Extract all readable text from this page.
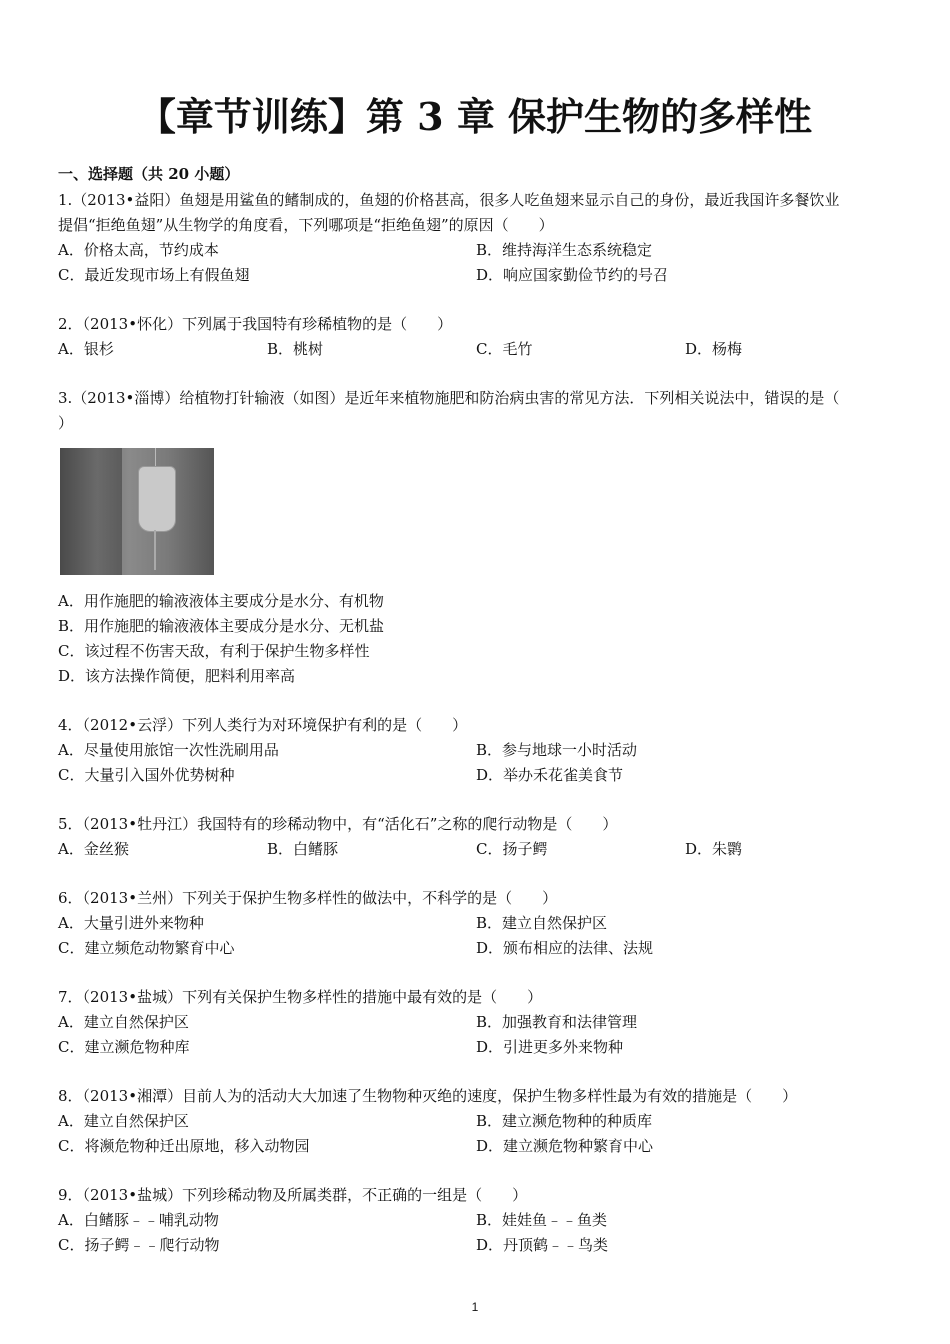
【章节训练】第 3 章 保护生物的多样性
一、选择题（共 20 小题）
1.（2013•益阳）鱼翅是用鲨鱼的鳍制成的，鱼翅的价格甚高，很多人吃鱼翅来显示自己的身份，最近我国许多餐饮业
提倡“拒绝鱼翅”从生物学的角度看，下列哪项是“拒绝鱼翅”的原因（　　）
A．价格太高，节约成本	B．维持海洋生态系统稳定
C．最近发现市场上有假鱼翅	D．响应国家勤俭节约的号召
2．（2013•怀化）下列属于我国特有珍稀植物的是（　　）
A．银杉	B．桃树	C．毛竹	D．杨梅
3.（2013•淄博）给植物打针输液（如图）是近年来植物施肥和防治病虫害的常见方法．下列相关说法中，错误的是（
）
A．用作施肥的输液液体主要成分是水分、有机物
B．用作施肥的输液液体主要成分是水分、无机盐
C．该过程不伤害天敌，有利于保护生物多样性
D．该方法操作简便，肥料利用率高
4．（2012•云浮）下列人类行为对环境保护有利的是（　　）
A．尽量使用旅馆一次性洗刷用品	B．参与地球一小时活动
C．大量引入国外优势树种	D．举办禾花雀美食节
5．（2013•牡丹江）我国特有的珍稀动物中，有“活化石”之称的爬行动物是（　　）
A．金丝猴	B．白鳍豚	C．扬子鳄	D．朱鹮
6．（2013•兰州）下列关于保护生物多样性的做法中，不科学的是（　　）
A．大量引进外来物种	B．建立自然保护区
C．建立频危动物繁育中心	D．颁布相应的法律、法规
7．（2013•盐城）下列有关保护生物多样性的措施中最有效的是（　　）
A．建立自然保护区	B．加强教育和法律管理
C．建立濒危物种库	D．引进更多外来物种
8．（2013•湘潭）目前人为的活动大大加速了生物物种灭绝的速度，保护生物多样性最为有效的措施是（　　）
A．建立自然保护区	B．建立濒危物种的种质库
C．将濒危物种迁出原地，移入动物园	D．建立濒危物种繁育中心
9．（2013•盐城）下列珍稀动物及所属类群，不正确的一组是（　　）
A．白鳍豚﹣﹣哺乳动物	B．娃娃鱼﹣﹣鱼类
C．扬子鳄﹣﹣爬行动物	D．丹顶鹤﹣﹣鸟类
1
